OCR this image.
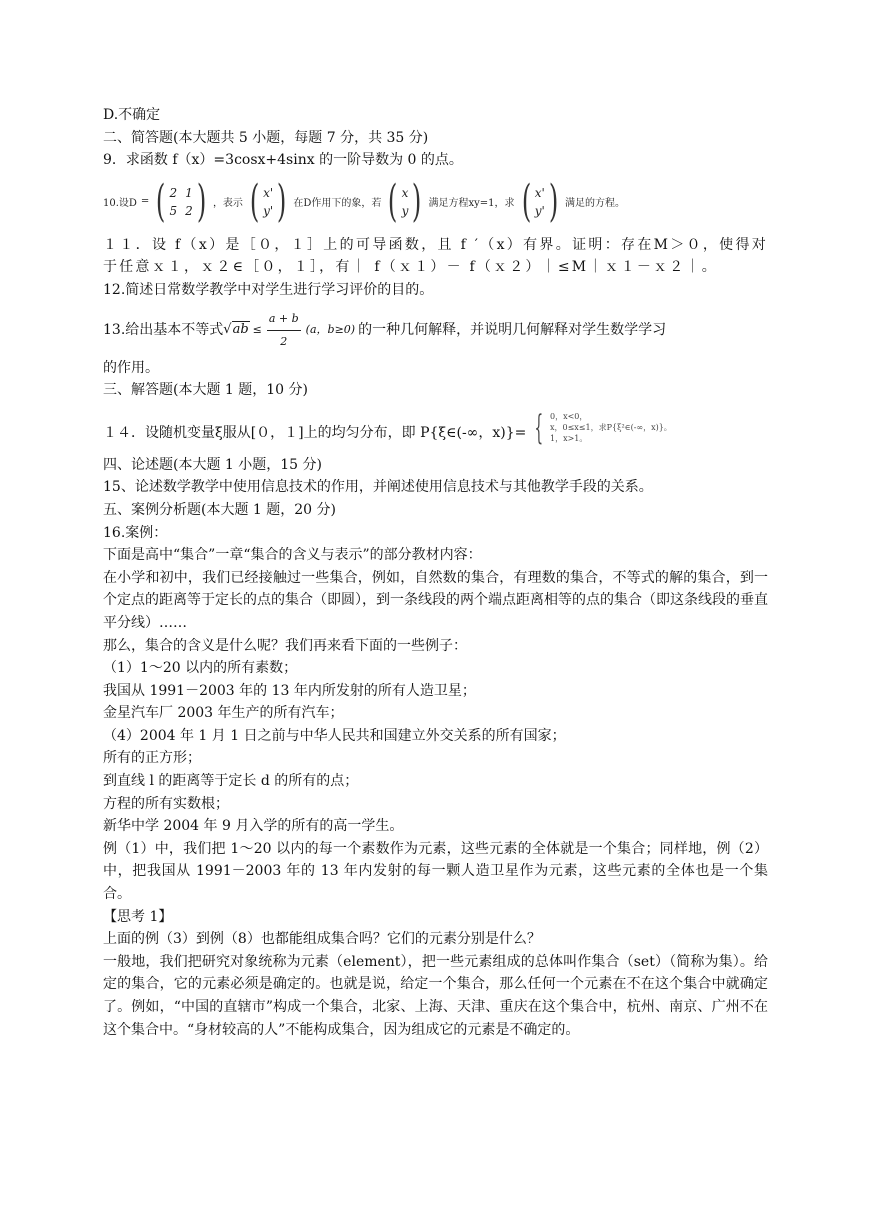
D.不确定
二、简答题(本大题共 5 小题，每题 7 分，共 35 分)
9．求函数 f（x）=3cosx+4sinx 的一阶导数为 0 的点。
10.设D = ( 2 1
5 2 ) ，表示 ( x'
y' ) 在D作用下的象，若 ( x
y ) 满足方程xy=1，求 ( x'
y' ) 满足的方程。
１１．设 f（x）是［０，１］上的可导函数，且 f ′（x）有界。证明：存在M＞０，使得对于任意ｘ１，ｘ２∈［０，１］，有｜ f（ｘ１）－ f（ｘ２）｜≤M｜ｘ１－ｘ２｜。
12.简述日常数学教学中对学生进行学习评价的目的。
13.给出基本不等式 $√ab \le \frac{a + b}{2} (a$，b≥0) 的一种几何解释，并说明几何解释对学生数学学习
的作用。
三、解答题(本大题 1 题，10 分)
１４．设随机变量ξ服从[０，１]上的均匀分布，即 P{ξ∈(-∞，x)}= { 0，x<0，
x，0≤x≤1，求P{ξ²∈(-∞，x)}。
1，x>1。
四、论述题(本大题 1 小题，15 分)
15、论述数学教学中使用信息技术的作用，并阐述使用信息技术与其他教学手段的关系。
五、案例分析题(本大题 1 题，20 分)
16.案例：
下面是高中“集合”一章“集合的含义与表示”的部分教材内容：
在小学和初中，我们已经接触过一些集合，例如，自然数的集合，有理数的集合，不等式的解的集合，到一个定点的距离等于定长的点的集合（即圆），到一条线段的两个端点距离相等的点的集合（即这条线段的垂直平分线）……
那么，集合的含义是什么呢？我们再来看下面的一些例子：
（1）1～20 以内的所有素数；
我国从 1991－2003 年的 13 年内所发射的所有人造卫星；
金星汽车厂 2003 年生产的所有汽车；
（4）2004 年 1 月 1 日之前与中华人民共和国建立外交关系的所有国家；
所有的正方形；
到直线 l 的距离等于定长 d 的所有的点；
方程的所有实数根；
新华中学 2004 年 9 月入学的所有的高一学生。
例（1）中，我们把 1～20 以内的每一个素数作为元素，这些元素的全体就是一个集合；同样地，例（2） 中，把我国从 1991－2003 年的 13 年内发射的每一颗人造卫星作为元素，这些元素的全体也是一个集合。
【思考 1】
上面的例（3）到例（8）也都能组成集合吗？它们的元素分别是什么？
一般地，我们把研究对象统称为元素（element），把一些元素组成的总体叫作集合（set）（简称为集）。给定的集合，它的元素必须是确定的。也就是说，给定一个集合，那么任何一个元素在不在这个集合中就确定了。例如，“中国的直辖市”构成一个集合，北家、上海、天津、重庆在这个集合中，杭州、南京、广州不在这个集合中。“身材较高的人”不能构成集合，因为组成它的元素是不确定的。
